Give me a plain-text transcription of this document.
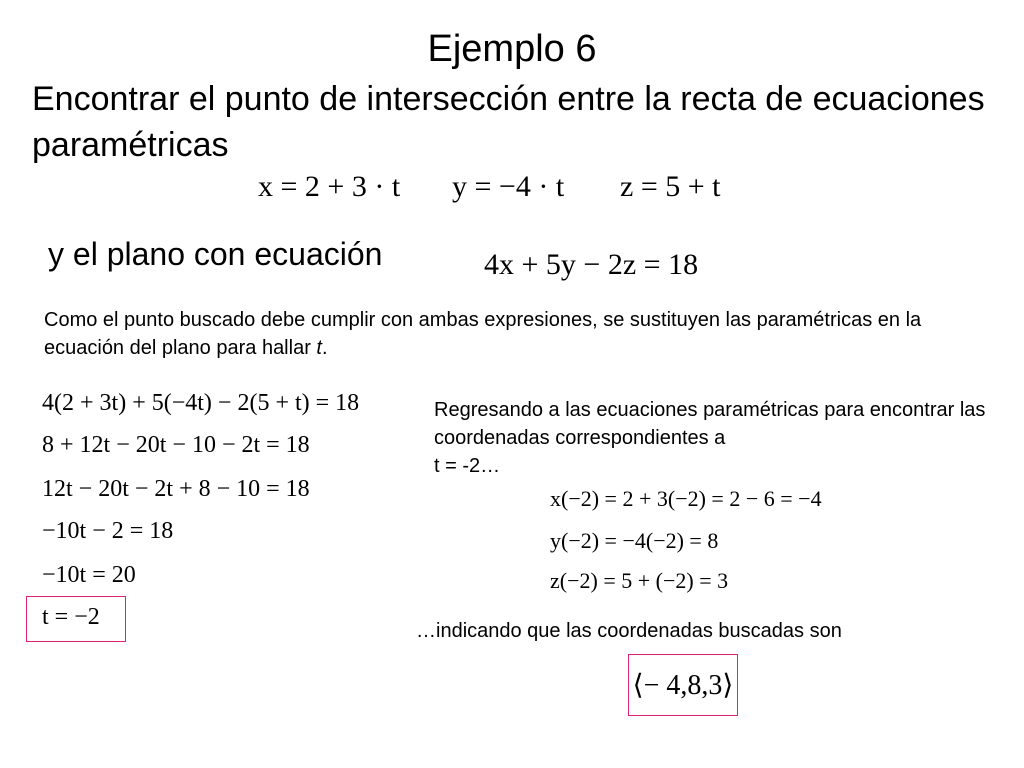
Ejemplo 6
Encontrar el punto de intersección entre la recta de ecuaciones paramétricas
x = 2 + 3 · t y = −4 · t z = 5 + t
y el plano con ecuación	4x + 5y − 2z = 18
Como el punto buscado debe cumplir con ambas expresiones, se sustituyen las paramétricas en la ecuación del plano para hallar t.
4(2 + 3t) + 5(−4t) − 2(5 + t) = 18
8 + 12t − 20t − 10 − 2t = 18
12t − 20t − 2t + 8 − 10 = 18
−10t − 2 = 18
−10t = 20
t = −2
Regresando a las ecuaciones paramétricas para encontrar las coordenadas correspondientes a
t = -2…
x(−2) = 2 + 3(−2) = 2 − 6 = −4
y(−2) = −4(−2) = 8
z(−2) = 5 + (−2) = 3
…indicando que las coordenadas buscadas son
⟨− 4,8,3⟩
